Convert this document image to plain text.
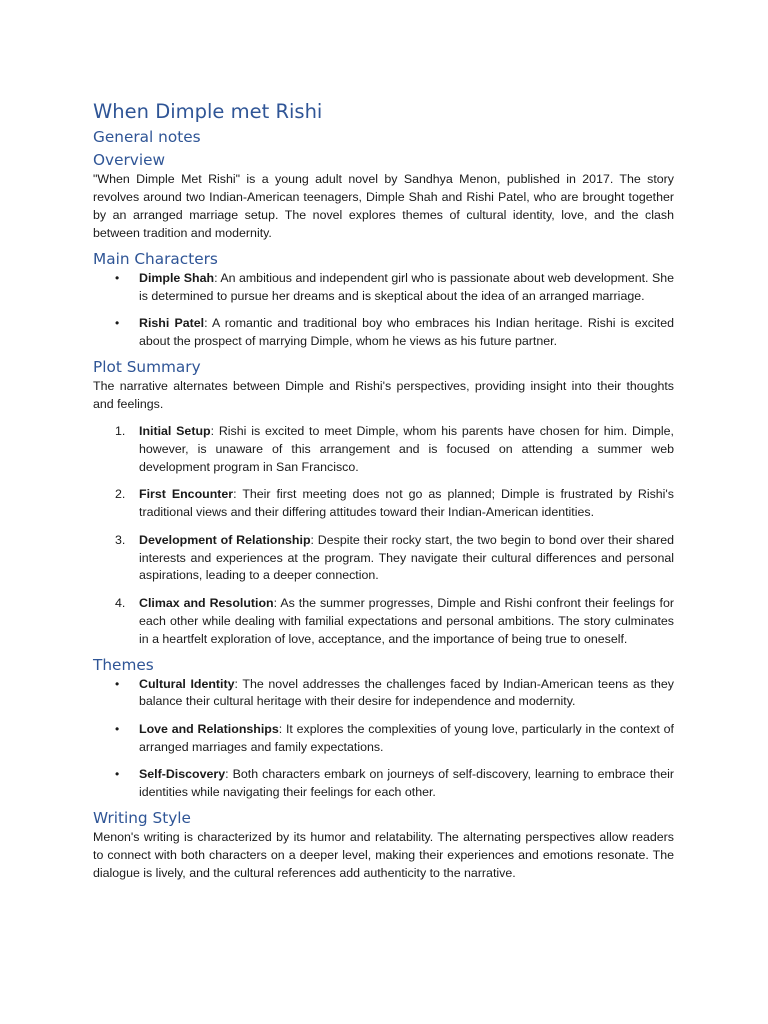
When Dimple met Rishi
General notes
Overview

"When Dimple Met Rishi" is a young adult novel by Sandhya Menon, published in 2017. The story revolves around two Indian-American teenagers, Dimple Shah and Rishi Patel, who are brought together by an arranged marriage setup. The novel explores themes of cultural identity, love, and the clash between tradition and modernity.

Main Characters
• Dimple Shah: An ambitious and independent girl who is passionate about web development. She is determined to pursue her dreams and is skeptical about the idea of an arranged marriage.
• Rishi Patel: A romantic and traditional boy who embraces his Indian heritage. Rishi is excited about the prospect of marrying Dimple, whom he views as his future partner.
Plot Summary

The narrative alternates between Dimple and Rishi's perspectives, providing insight into their thoughts and feelings.

1. Initial Setup: Rishi is excited to meet Dimple, whom his parents have chosen for him. Dimple, however, is unaware of this arrangement and is focused on attending a summer web development program in San Francisco.
2. First Encounter: Their first meeting does not go as planned; Dimple is frustrated by Rishi's traditional views and their differing attitudes toward their Indian-American identities.
3. Development of Relationship: Despite their rocky start, the two begin to bond over their shared interests and experiences at the program. They navigate their cultural differences and personal aspirations, leading to a deeper connection.
4. Climax and Resolution: As the summer progresses, Dimple and Rishi confront their feelings for each other while dealing with familial expectations and personal ambitions. The story culminates in a heartfelt exploration of love, acceptance, and the importance of being true to oneself.
Themes
• Cultural Identity: The novel addresses the challenges faced by Indian-American teens as they balance their cultural heritage with their desire for independence and modernity.
• Love and Relationships: It explores the complexities of young love, particularly in the context of arranged marriages and family expectations.
• Self-Discovery: Both characters embark on journeys of self-discovery, learning to embrace their identities while navigating their feelings for each other.
Writing Style

Menon's writing is characterized by its humor and relatability. The alternating perspectives allow readers to connect with both characters on a deeper level, making their experiences and emotions resonate. The dialogue is lively, and the cultural references add authenticity to the narrative.
